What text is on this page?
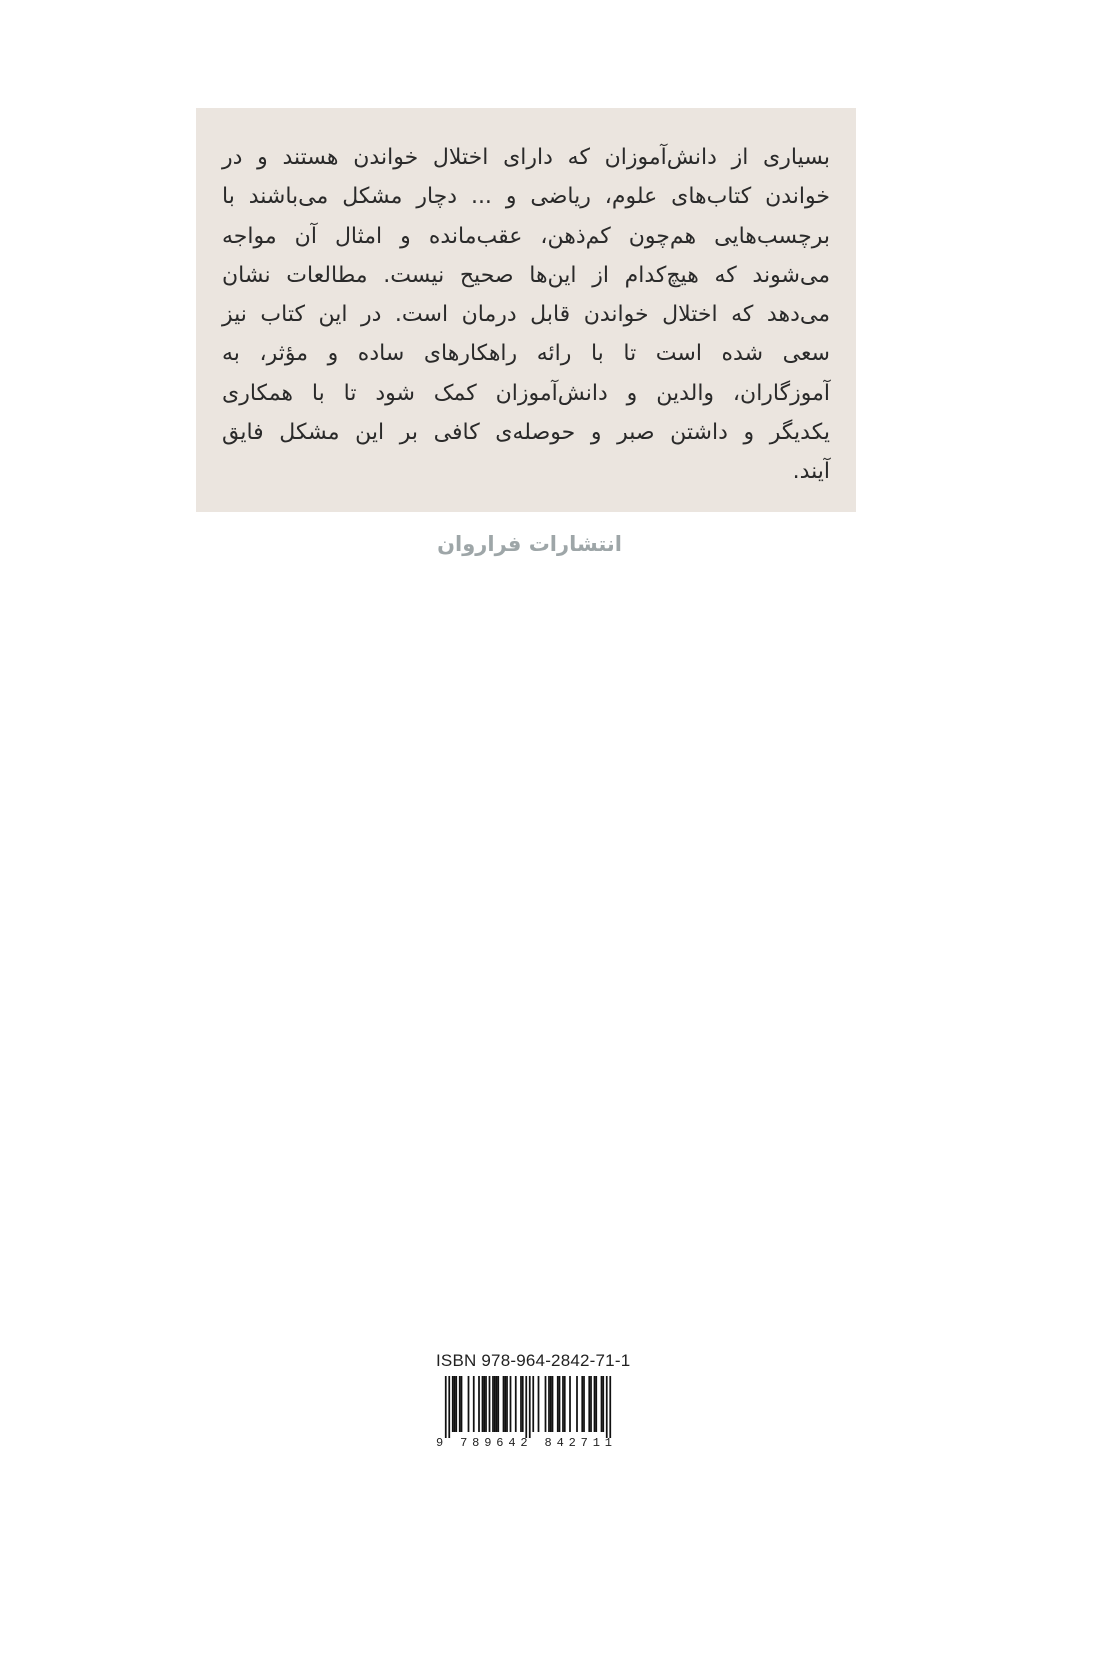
بسیاری از دانش‌آموزان که دارای اختلال خواندن هستند و در
خواندن کتاب‌های علوم، ریاضی و ... دچار مشکل می‌باشند با
برچسب‌هایی هم‌چون کم‌ذهن، عقب‌مانده و امثال آن مواجه
می‌شوند که هیچ‌کدام از این‌ها صحیح نیست. مطالعات نشان
می‌دهد که اختلال خواندن قابل درمان است. در این کتاب نیز
سعی شده است تا با رائه راهکارهای ساده و مؤثر، به
آموزگاران، والدین و دانش‌آموزان کمک شود تا با همکاری
یکدیگر و داشتن صبر و حوصله‌ی کافی بر این مشکل فایق
آیند.

انتشارات فراروان
ISBN 978-964-2842-71-1
9 789642 842711
